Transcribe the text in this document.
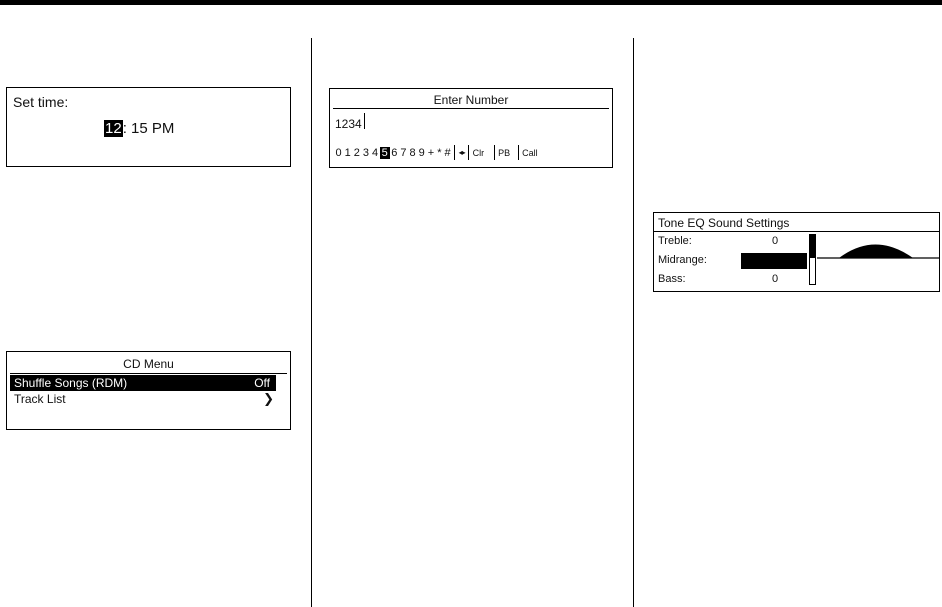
Set time:
12: 15 PM
Enter Number
1234
0 1 2 3 4 5 6 7 8 9 + * # ◂▸ Clr PB Call
CD Menu
Shuffle Songs (RDM)	Off
Track List	❯
Tone EQ Sound Settings
Treble:	0
Midrange:
Bass:	0
